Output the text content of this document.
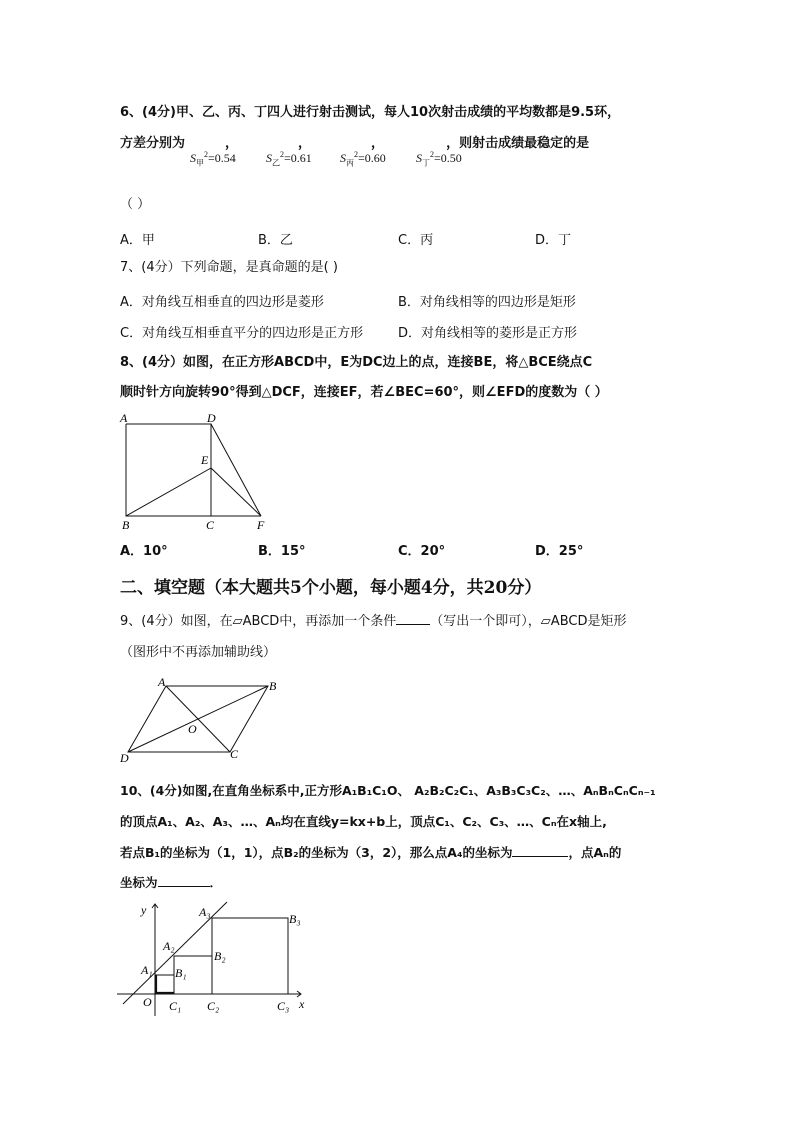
6、(4分)甲、乙、丙、丁四人进行射击测试，每人10次射击成绩的平均数都是9.5环，
方差分别为	，	，	，	，则射击成绩最稳定的是
$S_甲^2=0.54$	$S_乙^2=0.61$ $S_丙^2=0.60$	$S_丁^2=0.50$
（ ）
A．甲	B．乙	C．丙	D．丁
7、(4分）下列命题，是真命题的是( )
A．对角线互相垂直的四边形是菱形	B．对角线相等的四边形是矩形
C．对角线互相垂直平分的四边形是正方形	D．对角线相等的菱形是正方形
8、(4分）如图，在正方形ABCD中，E为DC边上的点，连接BE，将△BCE绕点C
顺时针方向旋转90°得到△DCF，连接EF，若∠BEC=60°，则∠EFD的度数为（ ）
A	D
E
B	C	F
A．10°	B．15°	C．20°	D．25°
二、填空题（本大题共5个小题，每小题4分，共20分）
9、(4分）如图，在▱ABCD中，再添加一个条件	（写出一个即可），▱ABCD是矩形
（图形中不再添加辅助线）
A	B
O
D	C
10、(4分)如图,在直角坐标系中,正方形A₁B₁C₁O、 A₂B₂C₂C₁、A₃B₃C₃C₂、…、AₙBₙCₙCₙ₋₁
的顶点A₁、A₂、A₃、…、Aₙ均在直线y=kx+b上，顶点C₁、C₂、C₃、…、Cₙ在x轴上,
若点B₁的坐标为（1，1），点B₂的坐标为（3，2），那么点A₄的坐标为	，点Aₙ的
坐标为	．
y
x
O
A₁
A₂
A₃
B₁
B₂
B₃
C₁ C₂	C₃
